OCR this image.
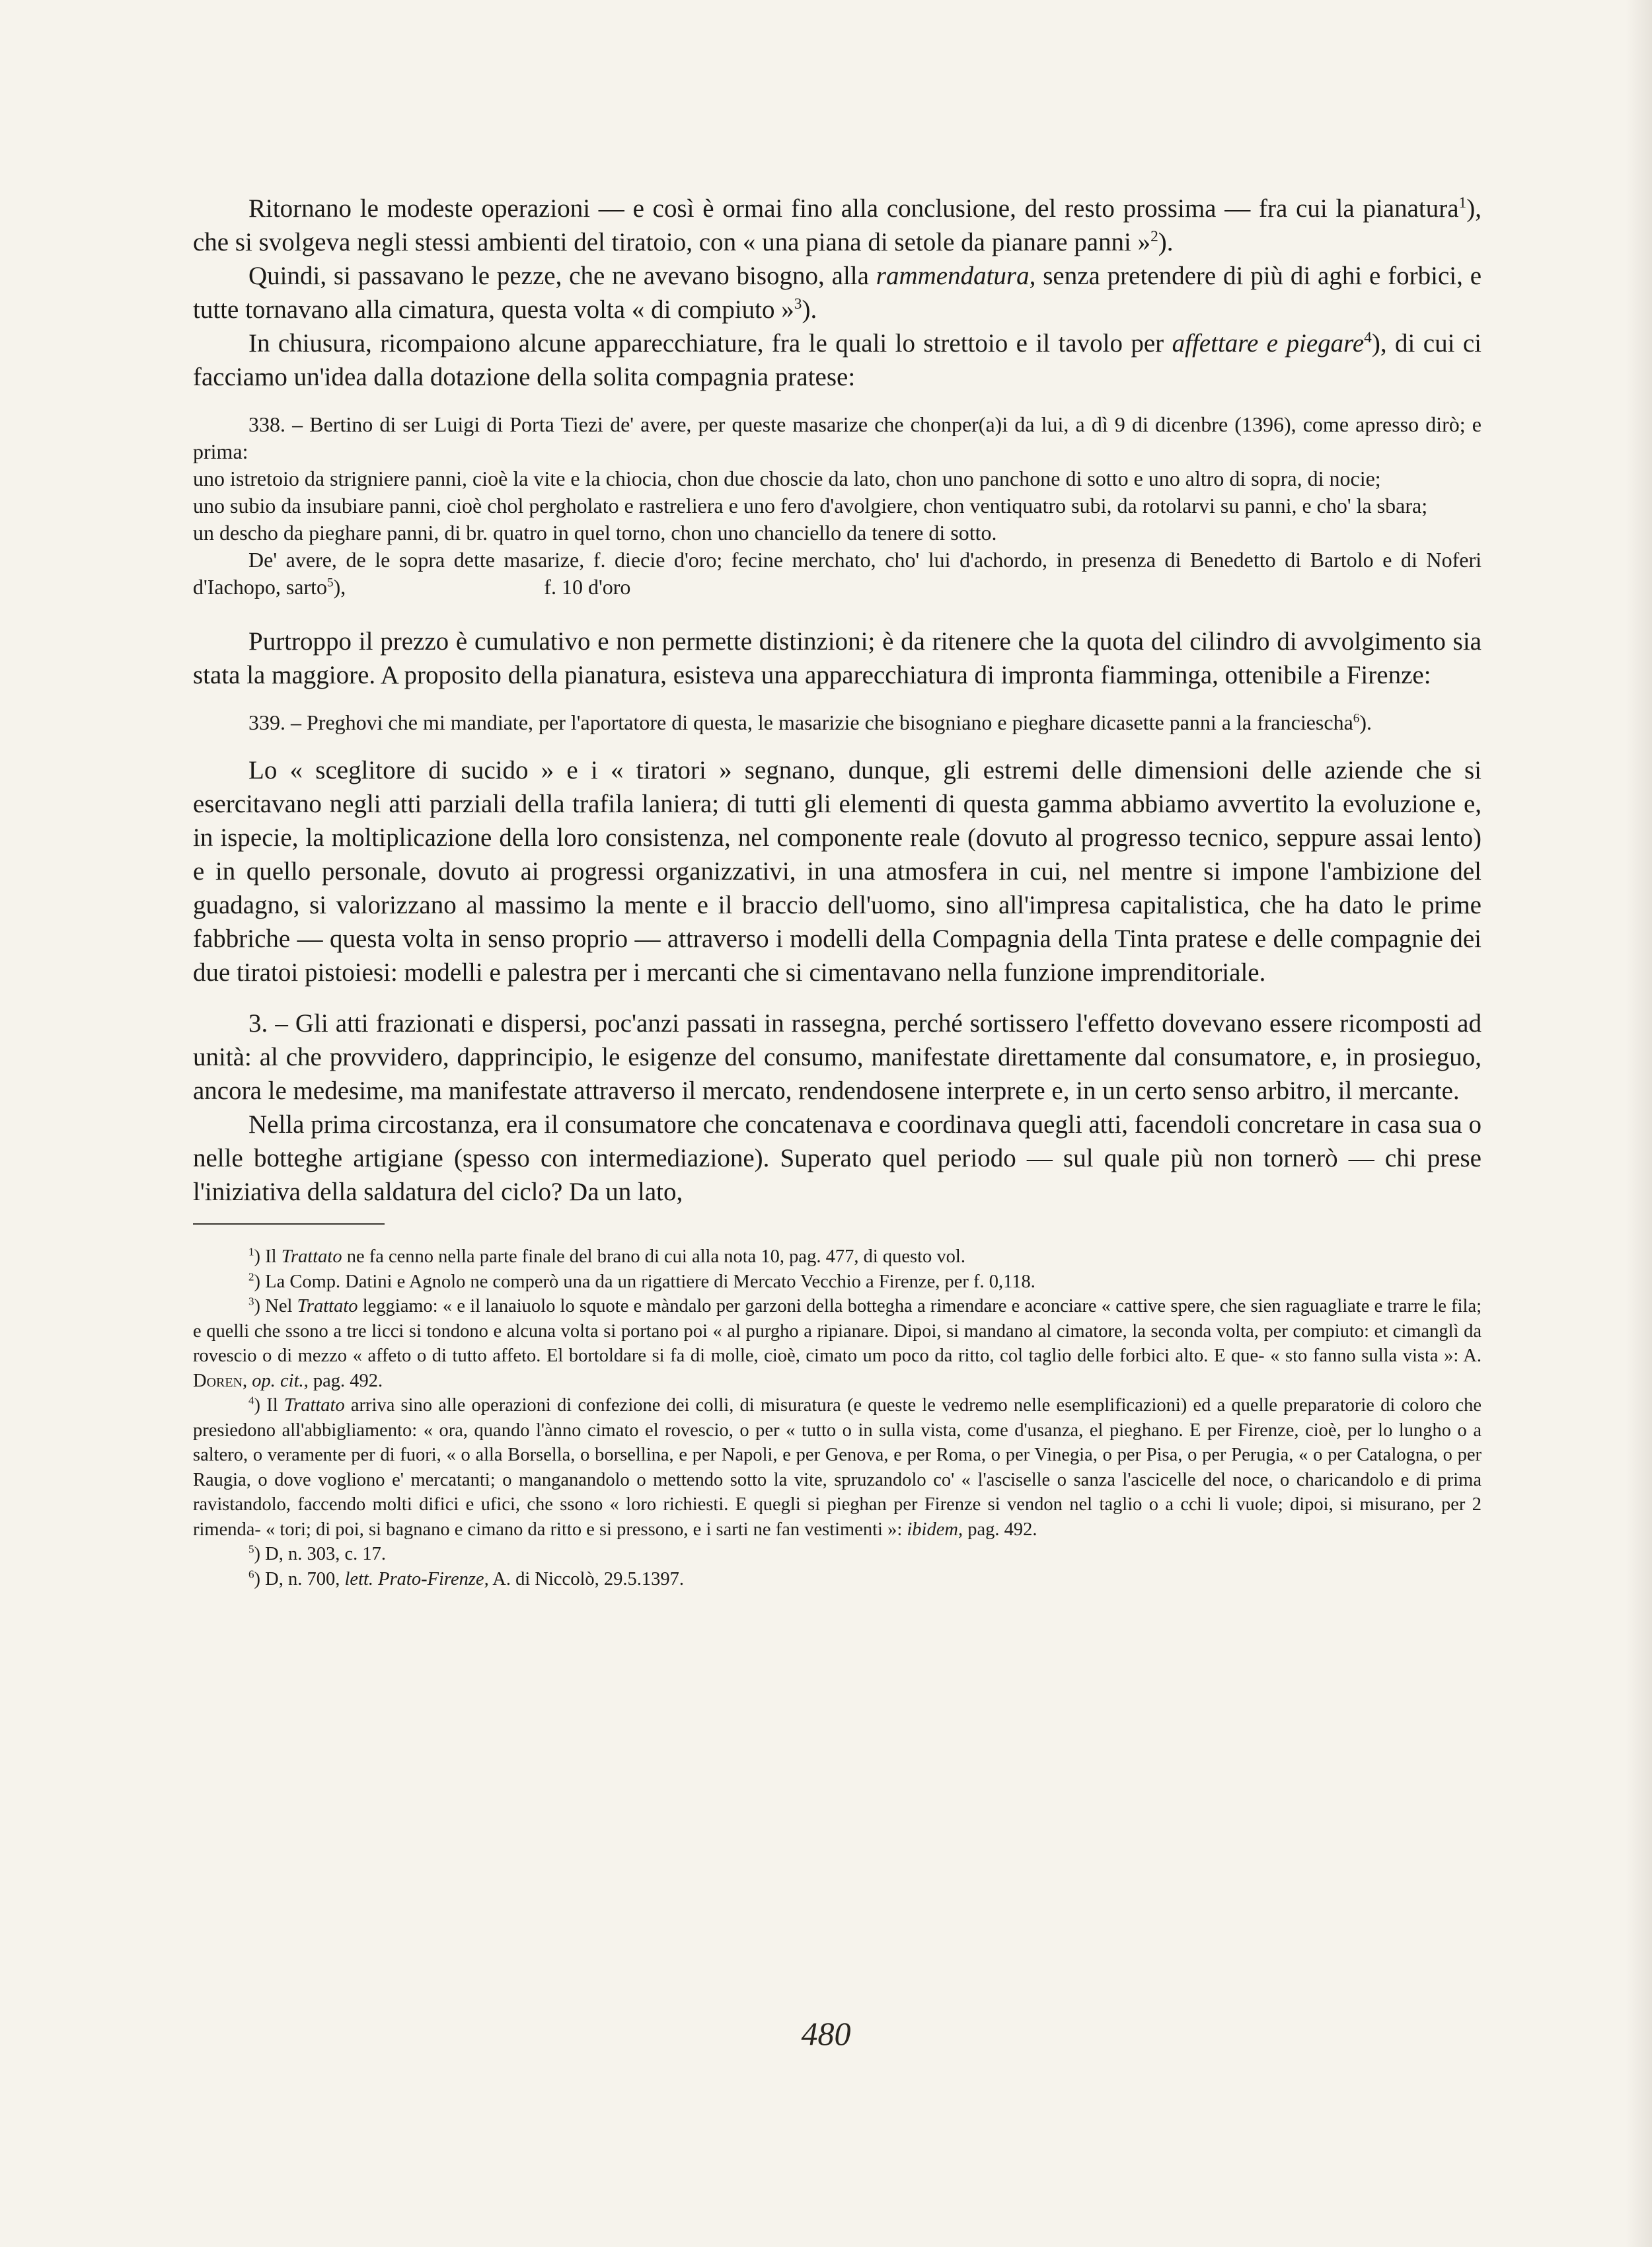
Ritornano le modeste operazioni — e così è ormai fino alla conclusione, del resto prossima — fra cui la pianatura$^1$), che si svolgeva negli stessi ambienti del tiratoio, con « una piana di setole da pianare panni »$^2$).

Quindi, si passavano le pezze, che ne avevano bisogno, alla rammendatura, senza pretendere di più di aghi e forbici, e tutte tornavano alla cimatura, questa volta « di compiuto »$^3$).

In chiusura, ricompaiono alcune apparecchiature, fra le quali lo strettoio e il tavolo per affettare e piegare$^4$), di cui ci facciamo un'idea dalla dotazione della solita compagnia pratese:

338. – Bertino di ser Luigi di Porta Tiezi de' avere, per queste masarize che chonper(a)i da lui, a dì 9 di dicenbre (1396), come apresso dirò; e prima:

uno istretoio da strigniere panni, cioè la vite e la chiocia, chon due choscie da lato, chon uno panchone di sotto e uno altro di sopra, di nocie;

uno subio da insubiare panni, cioè chol pergholato e rastreliera e uno fero d'avolgiere, chon ventiquatro subi, da rotolarvi su panni, e cho' la sbara;

un descho da pieghare panni, di br. quatro in quel torno, chon uno chanciello da tenere di sotto.

De' avere, de le sopra dette masarize, f. diecie d'oro; fecine merchato, cho' lui d'achordo, in presenza di Benedetto di Bartolo e di Noferi d'Iachopo, sarto$^5$),	f. 10 d'oro

Purtroppo il prezzo è cumulativo e non permette distinzioni; è da ritenere che la quota del cilindro di avvolgimento sia stata la maggiore. A proposito della pianatura, esisteva una apparecchiatura di impronta fiamminga, ottenibile a Firenze:

339. – Preghovi che mi mandiate, per l'aportatore di questa, le masarizie che bisogniano e pieghare dicasette panni a la franciescha$^6$).

Lo « sceglitore di sucido » e i « tiratori » segnano, dunque, gli estremi delle dimensioni delle aziende che si esercitavano negli atti parziali della trafila laniera; di tutti gli elementi di questa gamma abbiamo avvertito la evoluzione e, in ispecie, la moltiplicazione della loro consistenza, nel componente reale (dovuto al progresso tecnico, seppure assai lento) e in quello personale, dovuto ai progressi organizzativi, in una atmosfera in cui, nel mentre si impone l'ambizione del guadagno, si valorizzano al massimo la mente e il braccio dell'uomo, sino all'impresa capitalistica, che ha dato le prime fabbriche — questa volta in senso proprio — attraverso i modelli della Compagnia della Tinta pratese e delle compagnie dei due tiratoi pistoiesi: modelli e palestra per i mercanti che si cimentavano nella funzione imprenditoriale.

3. – Gli atti frazionati e dispersi, poc'anzi passati in rassegna, perché sortissero l'effetto dovevano essere ricomposti ad unità: al che provvidero, dapprincipio, le esigenze del consumo, manifestate direttamente dal consumatore, e, in prosieguo, ancora le medesime, ma manifestate attraverso il mercato, rendendosene interprete e, in un certo senso arbitro, il mercante.

Nella prima circostanza, era il consumatore che concatenava e coordinava quegli atti, facendoli concretare in casa sua o nelle botteghe artigiane (spesso con intermediazione). Superato quel periodo — sul quale più non tornerò — chi prese l'iniziativa della saldatura del ciclo? Da un lato,

$^1$) Il Trattato ne fa cenno nella parte finale del brano di cui alla nota 10, pag. 477, di questo vol.

$^2$) La Comp. Datini e Agnolo ne comperò una da un rigattiere di Mercato Vecchio a Firenze, per f. 0,118.

$^3$) Nel Trattato leggiamo: « e il lanaiuolo lo squote e màndalo per garzoni della bottegha a rimendare e aconciare « cattive spere, che sien raguagliate e trarre le fila; e quelli che ssono a tre licci si tondono e alcuna volta si portano poi « al purgho a ripianare. Dipoi, si mandano al cimatore, la seconda volta, per compiuto: et cimanglì da rovescio o di mezzo « affeto o di tutto affeto. El bortoldare si fa di molle, cioè, cimato um poco da ritto, col taglio delle forbici alto. E que- « sto fanno sulla vista »: A. Doren, op. cit., pag. 492.

$^4$) Il Trattato arriva sino alle operazioni di confezione dei colli, di misuratura (e queste le vedremo nelle esemplificazioni) ed a quelle preparatorie di coloro che presiedono all'abbigliamento: « ora, quando l'ànno cimato el rovescio, o per « tutto o in sulla vista, come d'usanza, el pieghano. E per Firenze, cioè, per lo lungho o a saltero, o veramente per di fuori, « o alla Borsella, o borsellina, e per Napoli, e per Genova, e per Roma, o per Vinegia, o per Pisa, o per Perugia, « o per Catalogna, o per Raugia, o dove vogliono e' mercatanti; o manganandolo o mettendo sotto la vite, spruzandolo co' « l'asciselle o sanza l'ascicelle del noce, o charicandolo e di prima ravistandolo, faccendo molti difici e ufici, che ssono « loro richiesti. E quegli si pieghan per Firenze si vendon nel taglio o a cchi li vuole; dipoi, si misurano, per 2 rimenda- « tori; di poi, si bagnano e cimano da ritto e si pressono, e i sarti ne fan vestimenti »: ibidem, pag. 492.

$^5$) D, n. 303, c. 17.

$^6$) D, n. 700, lett. Prato-Firenze, A. di Niccolò, 29.5.1397.

480
